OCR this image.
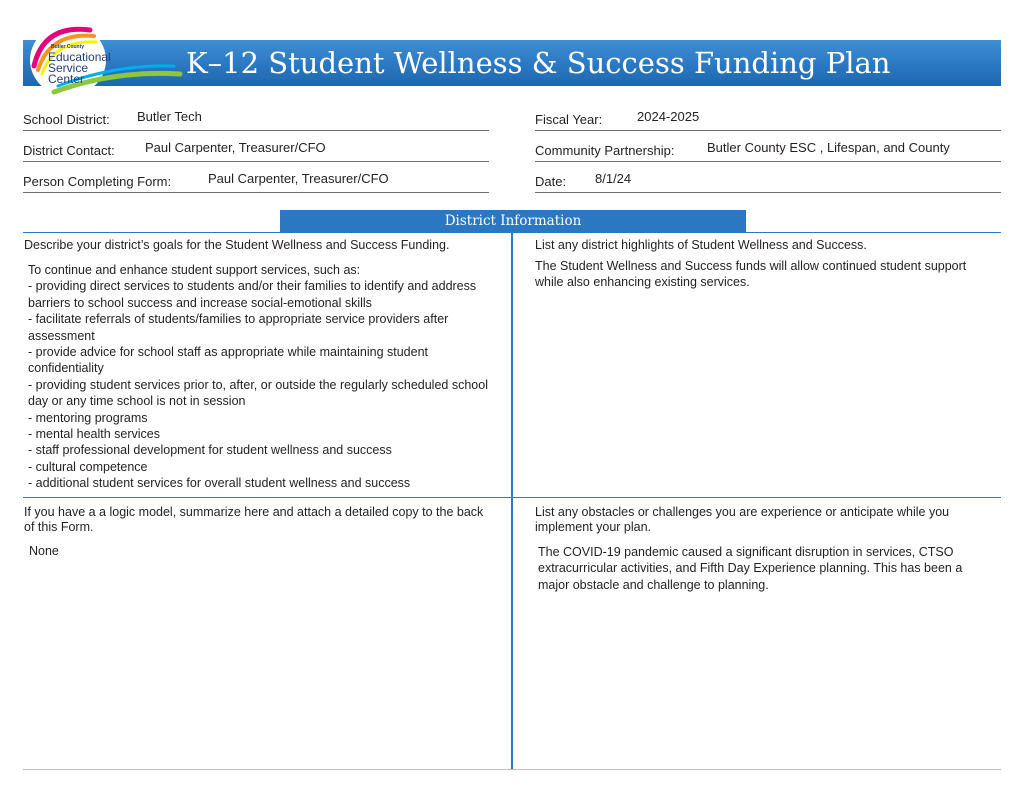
K–12 Student Wellness & Success Funding Plan
Butler County
Educational
Service
Center
School District: Butler Tech	Fiscal Year:	2024-2025
District Contact: Paul Carpenter, Treasurer/CFO	Community Partnership:	Butler County ESC , Lifespan, and County
Person Completing Form:	Paul Carpenter, Treasurer/CFO	Date: 8/1/24
District Information
Describe your district’s goals for the Student Wellness and Success Funding.
To continue and enhance student support services, such as:
- providing direct services to students and/or their families to identify and address barriers to school success and increase social-emotional skills
- facilitate referrals of students/families to appropriate service providers after assessment
- provide advice for school staff as appropriate while maintaining student confidentiality
- providing student services prior to, after, or outside the regularly scheduled school day or any time school is not in session
- mentoring programs
- mental health services
- staff professional development for student wellness and success
- cultural competence
- additional student services for overall student wellness and success
List any district highlights of Student Wellness and Success.
The Student Wellness and Success funds will allow continued student support while also enhancing existing services.
If you have a a logic model, summarize here and attach a detailed copy to the back of this Form.
None
List any obstacles or challenges you are experience or anticipate while you implement your plan.
The COVID-19 pandemic caused a significant disruption in services, CTSO extracurricular activities, and Fifth Day Experience planning. This has been a major obstacle and challenge to planning.
